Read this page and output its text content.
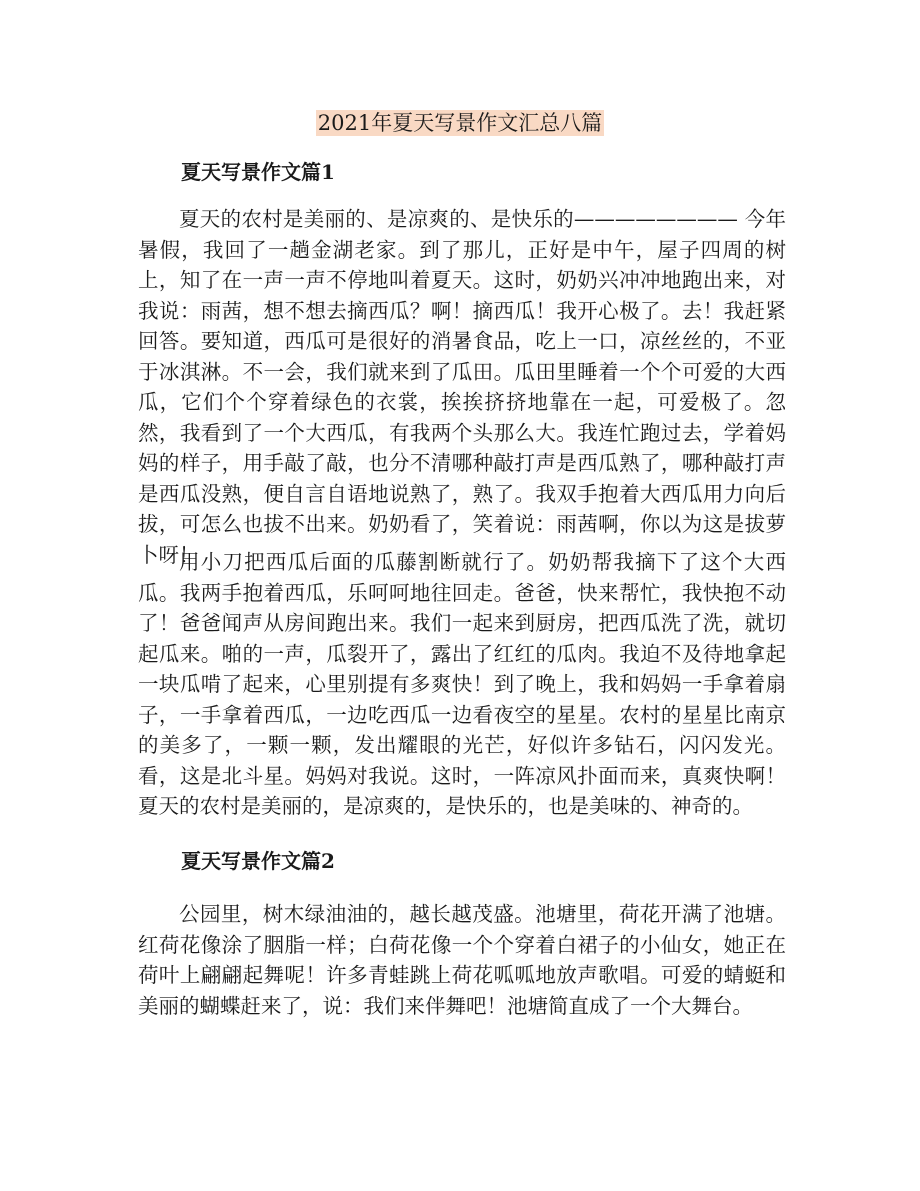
2021年夏天写景作文汇总八篇
夏天写景作文篇1

夏天的农村是美丽的、是凉爽的、是快乐的———————— 今年暑假，我回了一趟金湖老家。到了那儿，正好是中午，屋子四周的树上，知了在一声一声不停地叫着夏天。这时，奶奶兴冲冲地跑出来，对我说：雨茜，想不想去摘西瓜？啊！摘西瓜！我开心极了。去！我赶紧回答。要知道，西瓜可是很好的消暑食品，吃上一口，凉丝丝的，不亚于冰淇淋。不一会，我们就来到了瓜田。瓜田里睡着一个个可爱的大西瓜，它们个个穿着绿色的衣裳，挨挨挤挤地靠在一起，可爱极了。忽然，我看到了一个大西瓜，有我两个头那么大。我连忙跑过去，学着妈妈的样子，用手敲了敲，也分不清哪种敲打声是西瓜熟了，哪种敲打声是西瓜没熟，便自言自语地说熟了，熟了。我双手抱着大西瓜用力向后拔，可怎么也拔不出来。奶奶看了，笑着说：雨茜啊，你以为这是拔萝卜呀！

用小刀把西瓜后面的瓜藤割断就行了。奶奶帮我摘下了这个大西瓜。我两手抱着西瓜，乐呵呵地往回走。爸爸，快来帮忙，我快抱不动了！爸爸闻声从房间跑出来。我们一起来到厨房，把西瓜洗了洗，就切起瓜来。啪的一声，瓜裂开了，露出了红红的瓜肉。我迫不及待地拿起一块瓜啃了起来，心里别提有多爽快！到了晚上，我和妈妈一手拿着扇子，一手拿着西瓜，一边吃西瓜一边看夜空的星星。农村的星星比南京的美多了，一颗一颗，发出耀眼的光芒，好似许多钻石，闪闪发光。看，这是北斗星。妈妈对我说。这时，一阵凉风扑面而来，真爽快啊！夏天的农村是美丽的，是凉爽的，是快乐的，也是美味的、神奇的。

夏天写景作文篇2

公园里，树木绿油油的，越长越茂盛。池塘里，荷花开满了池塘。红荷花像涂了胭脂一样；白荷花像一个个穿着白裙子的小仙女，她正在荷叶上翩翩起舞呢！许多青蛙跳上荷花呱呱地放声歌唱。可爱的蜻蜓和美丽的蝴蝶赶来了，说：我们来伴舞吧！池塘简直成了一个大舞台。
